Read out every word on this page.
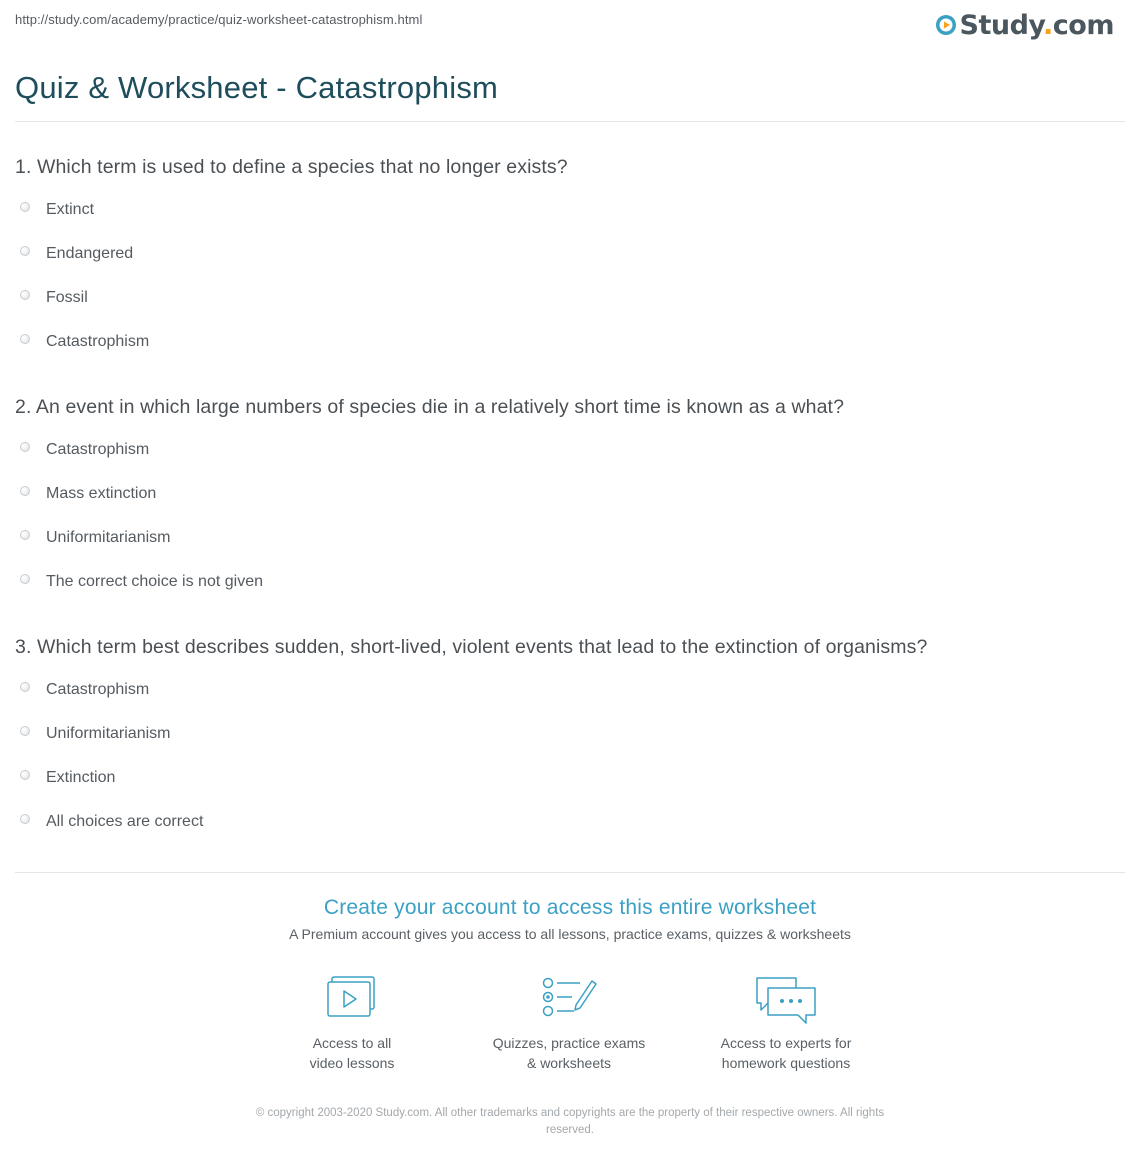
http://study.com/academy/practice/quiz-worksheet-catastrophism.html	Study.com
Quiz & Worksheet - Catastrophism
1. Which term is used to define a species that no longer exists?
Extinct
Endangered
Fossil
Catastrophism
2. An event in which large numbers of species die in a relatively short time is known as a what?
Catastrophism
Mass extinction
Uniformitarianism
The correct choice is not given
3. Which term best describes sudden, short-lived, violent events that lead to the extinction of organisms?
Catastrophism
Uniformitarianism
Extinction
All choices are correct
Create your account to access this entire worksheet
A Premium account gives you access to all lessons, practice exams, quizzes & worksheets
Access to all
video lessons
Quizzes, practice exams
& worksheets
Access to experts for
homework questions
© copyright 2003-2020 Study.com. All other trademarks and copyrights are the property of their respective owners. All rights
reserved.
